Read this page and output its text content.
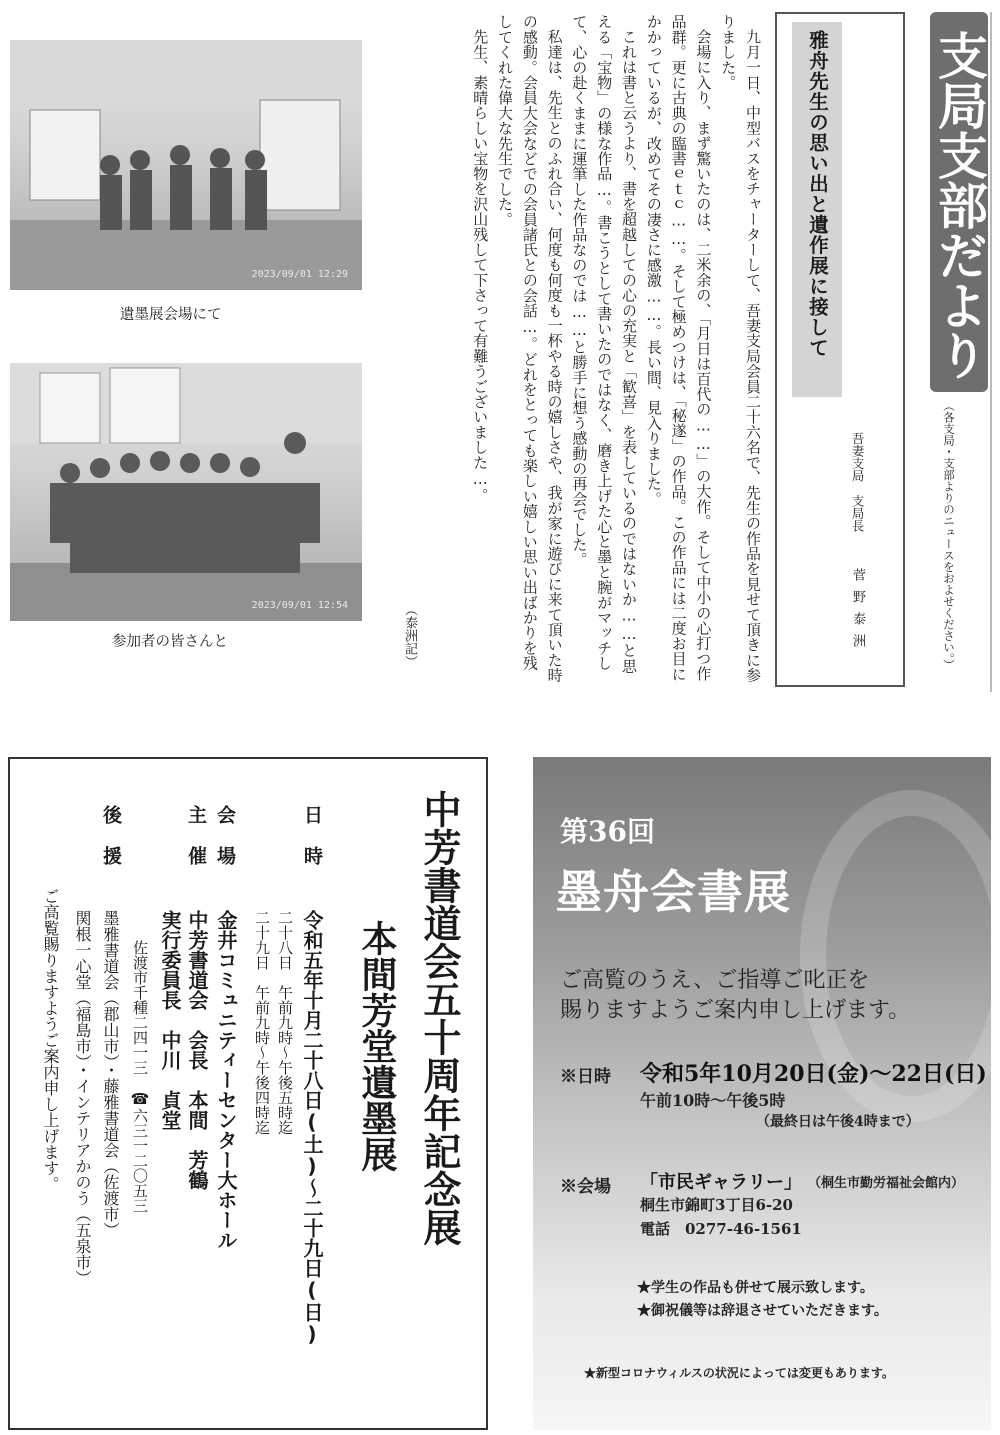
支局支部だより
（各支局・支部よりのニュースをおよせください。）
雅舟先生の思い出と遺作展に接して
吾妻支局　支局長
菅野泰洲

九月一日、中型バスをチャーターして、吾妻支局会員二十六名で、先生の作品を見せて頂きに参りました。

会場に入り、まず驚いたのは、二米余の、「月日は百代の……」の大作。そして中小の心打つ作品群。更に古典の臨書ｅｔｃ……。そして極めつけは、「秘遂」の作品。この作品には二度お目にかかっているが、改めてその凄さに感激……。長い間、見入りました。

これは書と云うより、書を超越しての心の充実と「歓喜」を表しているのではないか……と思える「宝物」の様な作品…。書こうとして書いたのではなく、磨き上げた心と墨と腕がマッチして、心の赴くままに運筆した作品なのでは……と勝手に想う感動の再会でした。

私達は、先生とのふれ合い、何度も何度も一杯やる時の嬉しさや、我が家に遊びに来て頂いた時の感動。会員大会などでの会員諸氏との会話…。どれをとっても楽しい嬉しい思い出ばかりを残してくれた偉大な先生でした。

先生、素晴らしい宝物を沢山残して下さって有難うございました…。

（泰洲記）
2023/09/01 12:29
遺墨展会場にて
2023/09/01 12:54
参加者の皆さんと
中芳書道会五十周年記念展
本間芳堂遺墨展
日時
会場
主催
後援
令和五年十月二十八日(土)〜二十九日(日)
二十八日　午前九時〜午後五時迄
二十九日　午前九時〜午後四時迄
金井コミュニティーセンター大ホール
中芳書道会　会長　本間　芳鶴
実行委員長　中川　貞堂
佐渡市千種二四一三　☎六三一二〇五三
墨雅書道会（郡山市）・藤雅書道会（佐渡市）
関根一心堂（福島市）・インテリアかのう（五泉市）
ご高覧賜りますようご案内申し上げます。
第36回
墨舟会書展
ご高覧のうえ、ご指導ご叱正を
賜りますようご案内申し上げます。
※日時 令和5年10月20日(金)〜22日(日)
午前10時〜午後5時
（最終日は午後4時まで）
※会場 「市民ギャラリー」 （桐生市勤労福祉会館内）
桐生市錦町3丁目6-20
電話　0277-46-1561
★学生の作品も併せて展示致します。
★御祝儀等は辞退させていただきます。
★新型コロナウィルスの状況によっては変更もあります。
